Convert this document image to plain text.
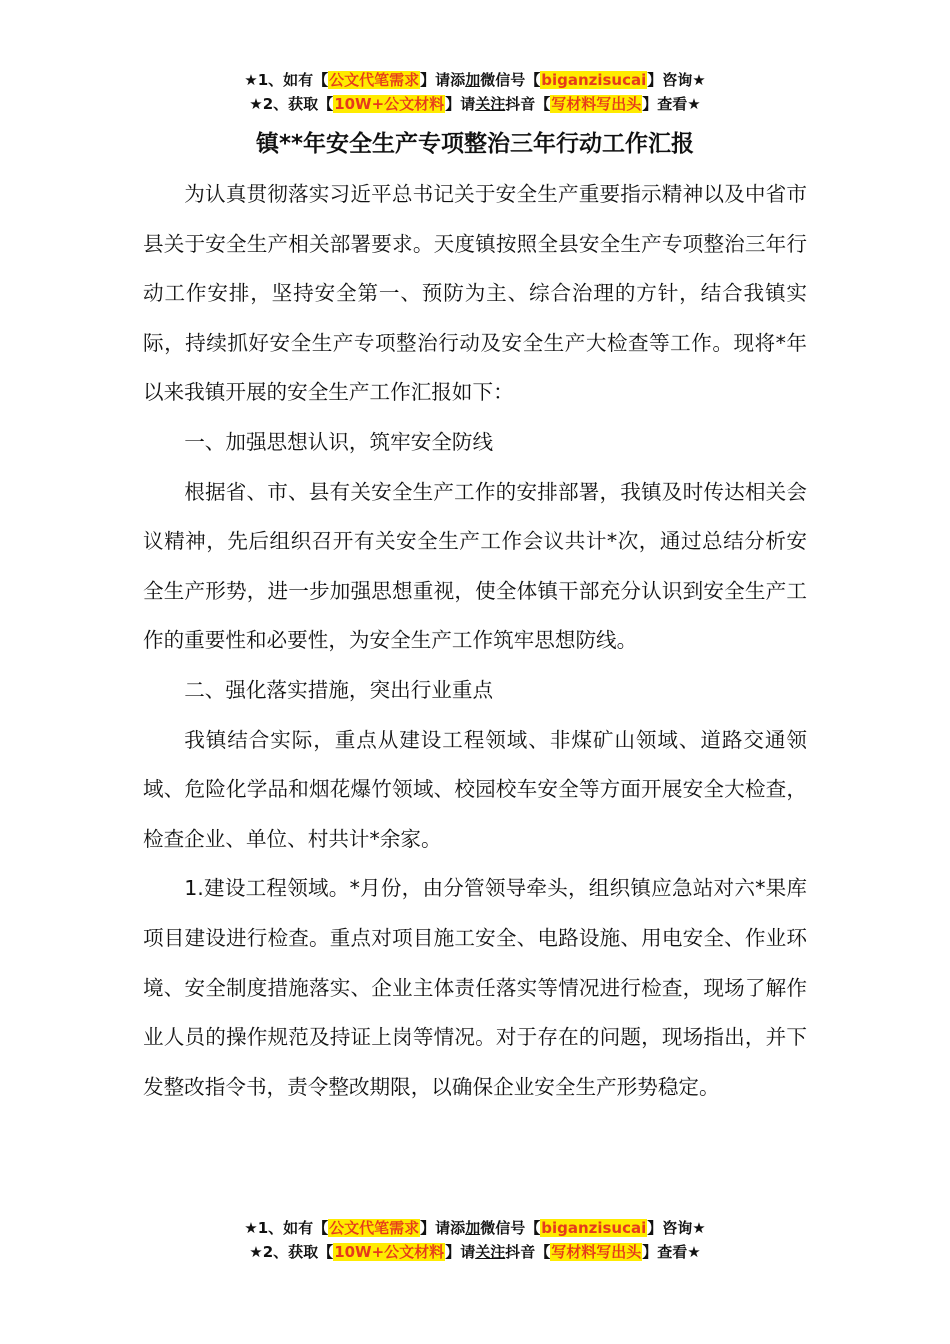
★1、如有【公文代笔需求】请添加微信号【biganzisucai】咨询★
★2、获取【10W+公文材料】请关注抖音【写材料写出头】查看★
镇**年安全生产专项整治三年行动工作汇报

为认真贯彻落实习近平总书记关于安全生产重要指示精神以及中省市县关于安全生产相关部署要求。天度镇按照全县安全生产专项整治三年行动工作安排，坚持安全第一、预防为主、综合治理的方针，结合我镇实际，持续抓好安全生产专项整治行动及安全生产大检查等工作。现将*年以来我镇开展的安全生产工作汇报如下：

一、加强思想认识，筑牢安全防线

根据省、市、县有关安全生产工作的安排部署，我镇及时传达相关会议精神，先后组织召开有关安全生产工作会议共计*次，通过总结分析安全生产形势，进一步加强思想重视，使全体镇干部充分认识到安全生产工作的重要性和必要性，为安全生产工作筑牢思想防线。

二、强化落实措施，突出行业重点

我镇结合实际，重点从建设工程领域、非煤矿山领域、道路交通领域、危险化学品和烟花爆竹领域、校园校车安全等方面开展安全大检查，检查企业、单位、村共计*余家。

1.建设工程领域。*月份，由分管领导牵头，组织镇应急站对六*果库项目建设进行检查。重点对项目施工安全、电路设施、用电安全、作业环境、安全制度措施落实、企业主体责任落实等情况进行检查，现场了解作业人员的操作规范及持证上岗等情况。对于存在的问题，现场指出，并下发整改指令书，责令整改期限，以确保企业安全生产形势稳定。

★1、如有【公文代笔需求】请添加微信号【biganzisucai】咨询★
★2、获取【10W+公文材料】请关注抖音【写材料写出头】查看★
